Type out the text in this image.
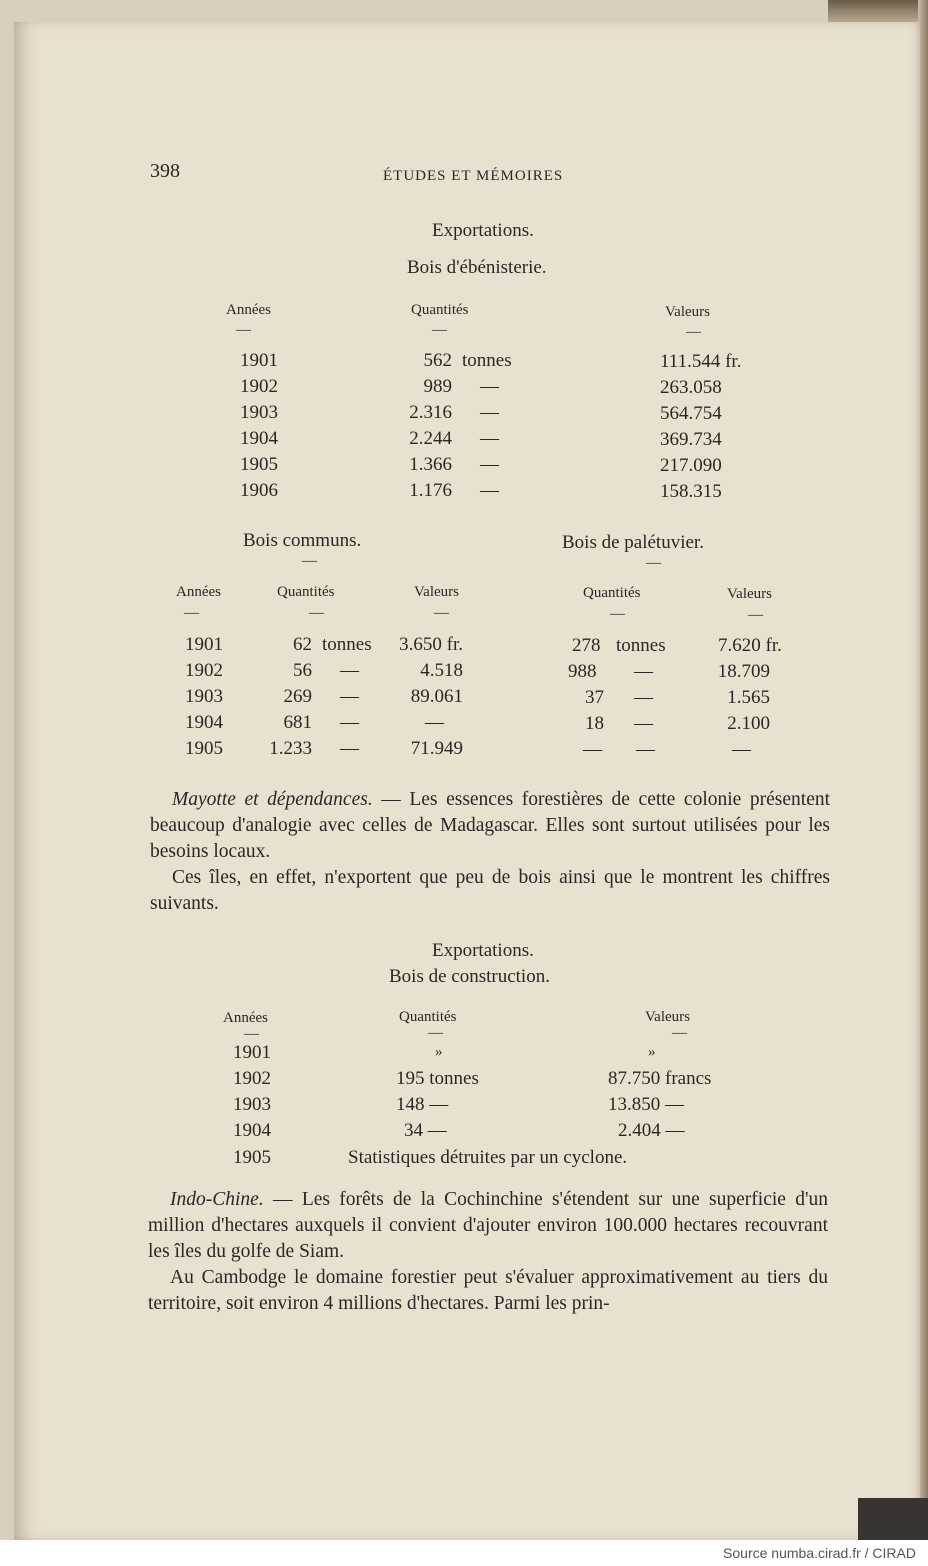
398	ÉTUDES ET MÉMOIRES
Exportations.
Bois d'ébénisterie.
Années	Quantités	Valeurs
—	—	—
1901	562 tonnes	111.544 fr.
1902	989 —	263.058
1903	2.316 —	564.754
1904	2.244 —	369.734
1905	1.366 —	217.090
1906	1.176 —	158.315
Bois communs.	Bois de palétuvier.
—	—
Années	Quantités	Valeurs	Quantités	Valeurs
—	—	—	—	—
1901	62 tonnes	3.650 fr.	278 tonnes	7.620 fr.
1902	56 —	4.518	988 —	18.709
1903	269 —	89.061	37 —	1.565
1904	681 —	—	18 —	2.100
1905	1.233 —	71.949	— —	—
Mayotte et dépendances. — Les essences forestières de cette colonie présentent beaucoup d'analogie avec celles de Madagascar. Elles sont surtout utilisées pour les besoins locaux.
Ces îles, en effet, n'exportent que peu de bois ainsi que le montrent les chiffres suivants.
Exportations.
Bois de construction.
Années	Quantités	Valeurs
—	—	—
1901	»	»
1902	195 tonnes	87.750 francs
1903	148 —	13.850 —
1904	34 —	2.404 —
1905	Statistiques détruites par un cyclone.
Indo-Chine. — Les forêts de la Cochinchine s'étendent sur une superficie d'un million d'hectares auxquels il convient d'ajouter environ 100.000 hectares recouvrant les îles du golfe de Siam.
Au Cambodge le domaine forestier peut s'évaluer approximativement au tiers du territoire, soit environ 4 millions d'hectares. Parmi les prin-
Source numba.cirad.fr / CIRAD
